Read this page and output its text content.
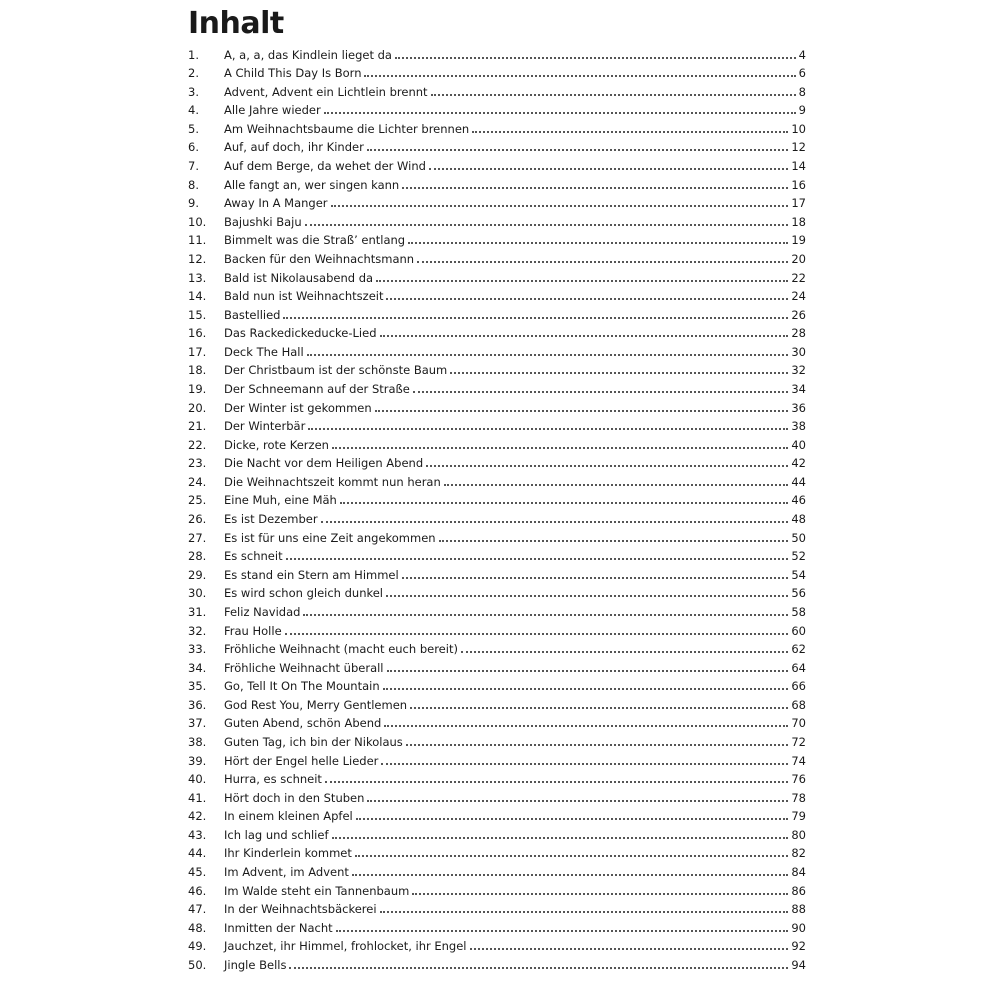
Inhalt
1.	A, a, a, das Kindlein lieget da	4
2.	A Child This Day Is Born	6
3.	Advent, Advent ein Lichtlein brennt	8
4.	Alle Jahre wieder	9
5.	Am Weihnachtsbaume die Lichter brennen	10
6.	Auf, auf doch, ihr Kinder	12
7.	Auf dem Berge, da wehet der Wind	14
8.	Alle fangt an, wer singen kann	16
9.	Away In A Manger	17
10.	Bajushki Baju	18
11.	Bimmelt was die Straß’ entlang	19
12.	Backen für den Weihnachtsmann	20
13.	Bald ist Nikolausabend da	22
14.	Bald nun ist Weihnachtszeit	24
15.	Bastellied	26
16.	Das Rackedickeducke-Lied	28
17.	Deck The Hall	30
18.	Der Christbaum ist der schönste Baum	32
19.	Der Schneemann auf der Straße	34
20.	Der Winter ist gekommen	36
21.	Der Winterbär	38
22.	Dicke, rote Kerzen	40
23.	Die Nacht vor dem Heiligen Abend	42
24.	Die Weihnachtszeit kommt nun heran	44
25.	Eine Muh, eine Mäh	46
26.	Es ist Dezember	48
27.	Es ist für uns eine Zeit angekommen	50
28.	Es schneit	52
29.	Es stand ein Stern am Himmel	54
30.	Es wird schon gleich dunkel	56
31.	Feliz Navidad	58
32.	Frau Holle	60
33.	Fröhliche Weihnacht (macht euch bereit)	62
34.	Fröhliche Weihnacht überall	64
35.	Go, Tell It On The Mountain	66
36.	God Rest You, Merry Gentlemen	68
37.	Guten Abend, schön Abend	70
38.	Guten Tag, ich bin der Nikolaus	72
39.	Hört der Engel helle Lieder	74
40.	Hurra, es schneit	76
41.	Hört doch in den Stuben	78
42.	In einem kleinen Apfel	79
43.	Ich lag und schlief	80
44.	Ihr Kinderlein kommet	82
45.	Im Advent, im Advent	84
46.	Im Walde steht ein Tannenbaum	86
47.	In der Weihnachtsbäckerei	88
48.	Inmitten der Nacht	90
49.	Jauchzet, ihr Himmel, frohlocket, ihr Engel	92
50.	Jingle Bells	94
